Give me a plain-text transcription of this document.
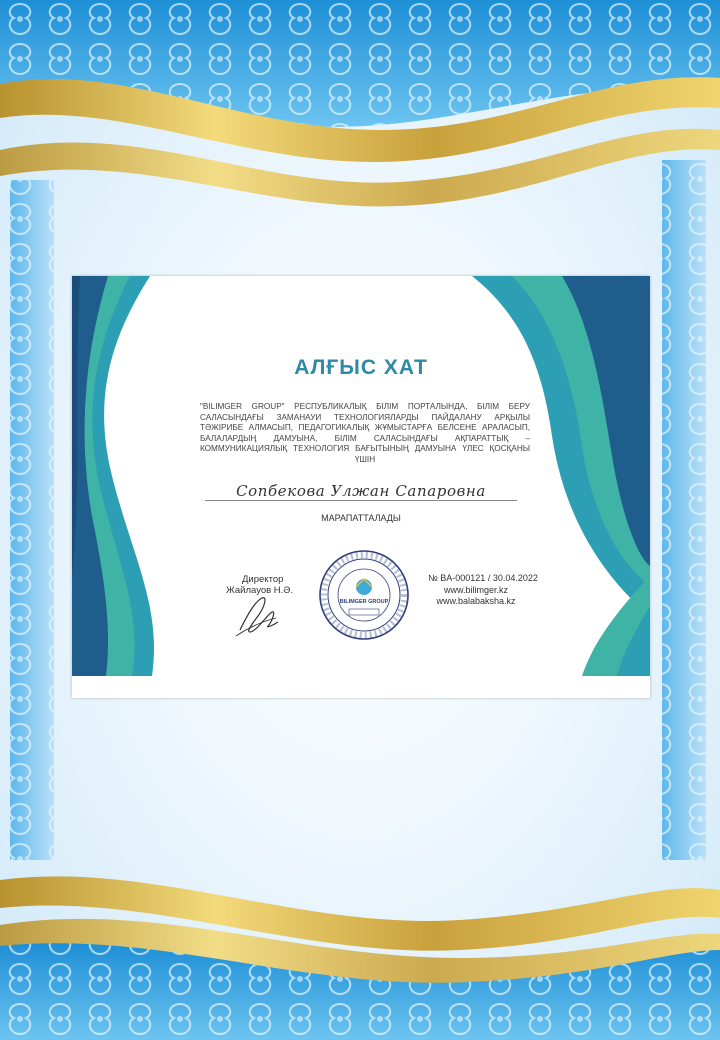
АЛҒЫС ХАТ
"BILIMGER GROUP" РЕСПУБЛИКАЛЫҚ БІЛІМ ПОРТАЛЫНДА, БІЛІМ БЕРУ САЛАСЫНДАҒЫ ЗАМАНАУИ ТЕХНОЛОГИЯЛАРДЫ ПАЙДАЛАНУ АРҚЫЛЫ ТӘЖІРИБЕ АЛМАСЫП, ПЕДАГОГИКАЛЫҚ ЖҰМЫСТАРҒА БЕЛСЕНЕ АРАЛАСЫП, БАЛАЛАРДЫҢ ДАМУЫНА, БІЛІМ САЛАСЫНДАҒЫ АҚПАРАТТЫҚ – КОММУНИКАЦИЯЛЫҚ ТЕХНОЛОГИЯ БАҒЫТЫНЫҢ ДАМУЫНА ҮЛЕС ҚОСҚАНЫ ҮШІН
Сопбекова Улжан Сапаровна
МАРАПАТТАЛАДЫ
Директор
Жайлауов Н.Ә.
BILIMGER GROUP
№ BA-000121 / 30.04.2022
www.bilimger.kz
www.balabaksha.kz
